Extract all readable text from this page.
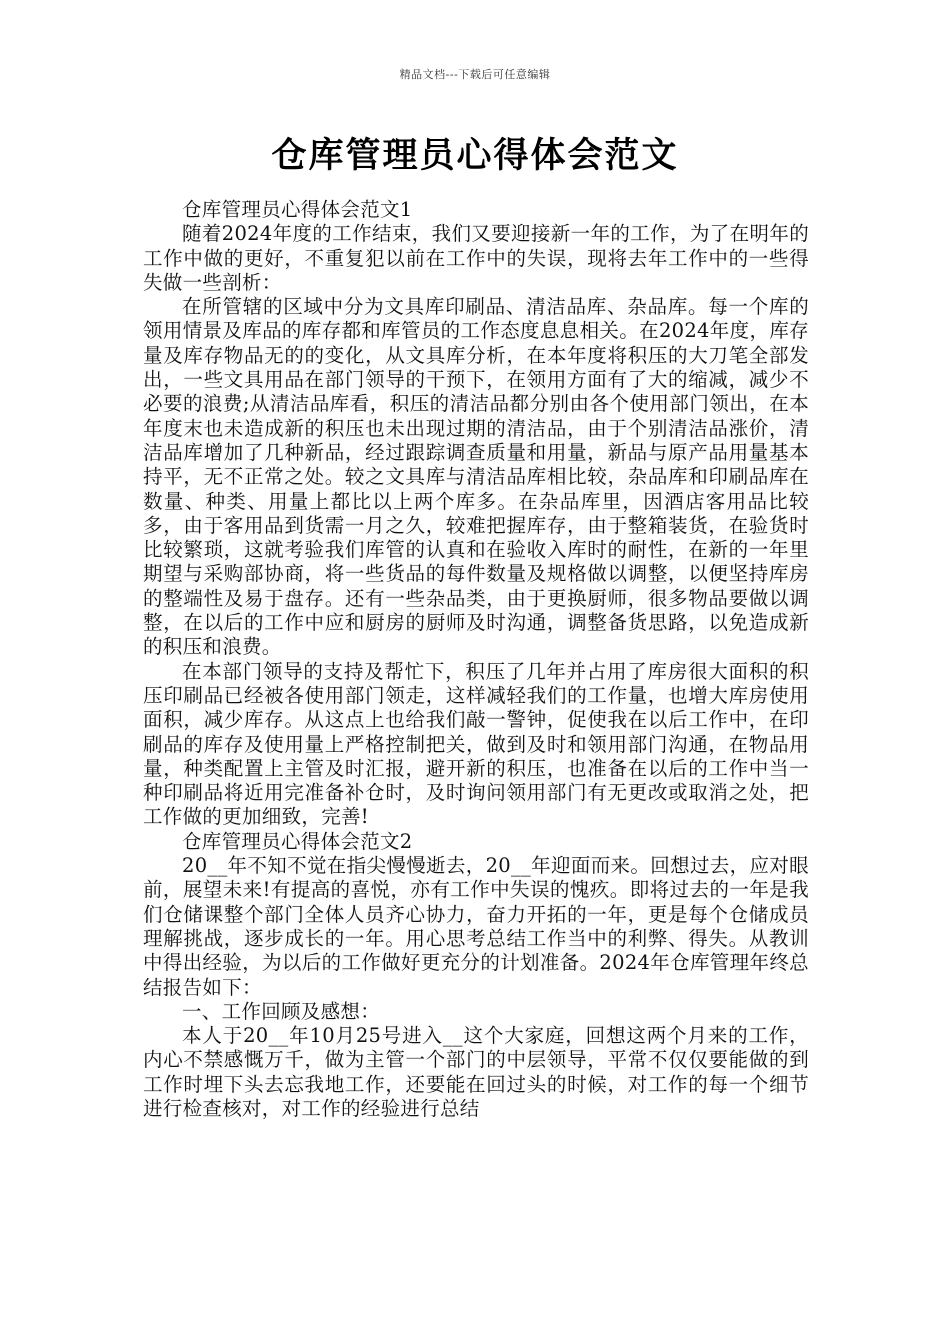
精品文档---下载后可任意编辑
仓库管理员心得体会范文

仓库管理员心得体会范文1

随着2024年度的工作结束，我们又要迎接新一年的工作，为了在明年的工作中做的更好，不重复犯以前在工作中的失误，现将去年工作中的一些得失做一些剖析：

在所管辖的区域中分为文具库印刷品、清洁品库、杂品库。每一个库的领用情景及库品的库存都和库管员的工作态度息息相关。在2024年度，库存量及库存物品无的的变化，从文具库分析，在本年度将积压的大刀笔全部发出，一些文具用品在部门领导的干预下，在领用方面有了大的缩减，减少不必要的浪费;从清洁品库看，积压的清洁品都分别由各个使用部门领出，在本年度末也未造成新的积压也未出现过期的清洁品，由于个别清洁品涨价，清洁品库增加了几种新品，经过跟踪调查质量和用量，新品与原产品用量基本持平，无不正常之处。较之文具库与清洁品库相比较，杂品库和印刷品库在数量、种类、用量上都比以上两个库多。在杂品库里，因酒店客用品比较多，由于客用品到货需一月之久，较难把握库存，由于整箱装货，在验货时比较繁琐，这就考验我们库管的认真和在验收入库时的耐性，在新的一年里期望与采购部协商，将一些货品的每件数量及规格做以调整，以便坚持库房的整端性及易于盘存。还有一些杂品类，由于更换厨师，很多物品要做以调整，在以后的工作中应和厨房的厨师及时沟通，调整备货思路，以免造成新的积压和浪费。

在本部门领导的支持及帮忙下，积压了几年并占用了库房很大面积的积压印刷品已经被各使用部门领走，这样减轻我们的工作量，也增大库房使用面积，减少库存。从这点上也给我们敲一警钟，促使我在以后工作中，在印刷品的库存及使用量上严格控制把关，做到及时和领用部门沟通，在物品用量，种类配置上主管及时汇报，避开新的积压，也准备在以后的工作中当一种印刷品将近用完准备补仓时，及时询问领用部门有无更改或取消之处，把工作做的更加细致，完善!

仓库管理员心得体会范文2

20__年不知不觉在指尖慢慢逝去，20__年迎面而来。回想过去，应对眼前，展望未来!有提高的喜悦，亦有工作中失误的愧疚。即将过去的一年是我们仓储课整个部门全体人员齐心协力，奋力开拓的一年，更是每个仓储成员理解挑战，逐步成长的一年。用心思考总结工作当中的利弊、得失。从教训中得出经验，为以后的工作做好更充分的计划准备。2024年仓库管理年终总结报告如下：

一、工作回顾及感想：

本人于20__年10月25号进入__这个大家庭，回想这两个月来的工作，内心不禁感慨万千，做为主管一个部门的中层领导，平常不仅仅要能做的到工作时埋下头去忘我地工作，还要能在回过头的时候，对工作的每一个细节进行检查核对，对工作的经验进行总结
